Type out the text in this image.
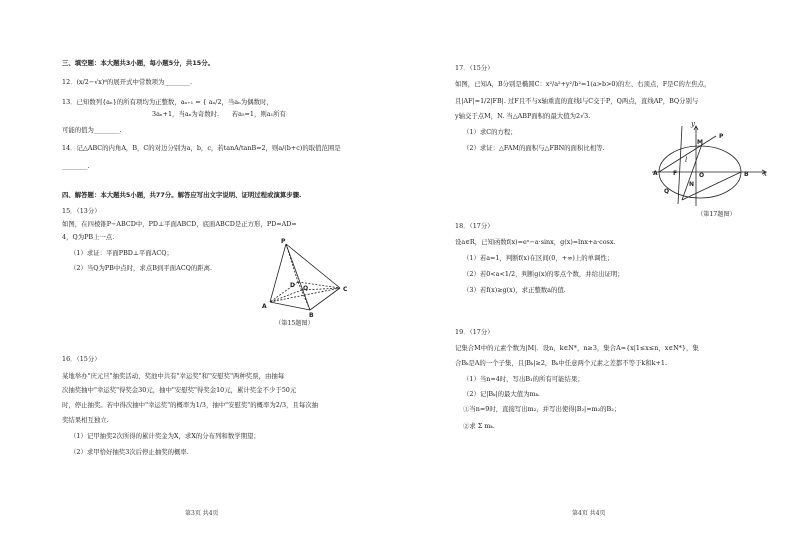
三、填空题：本大题共3小题，每小题5分，共15分。
12．(x/2−√x)⁶的展开式中常数项为________.
13．已知数列{aₙ}的所有项均为正整数，aₙ₊₁ = { aₙ/2，当aₙ为偶数时，
3aₙ+1，当aₙ为奇数时.　　若a₅=1，则a₁所有
可能的值为________.
14．记△ABC的内角A，B，C的对边分别为a，b，c，若tanA/tanB=2，则a/(b+c)的取值范围是
________.
四、解答题：本大题共5小题，共77分。解答应写出文字说明、证明过程或演算步骤.
15．（13分）
如图，在四棱锥P−ABCD中，PD⊥平面ABCD，底面ABCD是正方形，PD=AD=
4，Q为PB上一点.
（1）求证：平面PBD⊥平面ACQ；
（2）当Q为PB中点时，求点B到平面ACQ的距离.
P
D
C
A
B
Q
（第15题图）
16．（15分）
某地举办"庆元旦"抽奖活动，奖池中共有"幸运奖"和"安慰奖"两种奖票，由抽每
次抽奖抽中"幸运奖"得奖金30元，抽中"安慰奖"得奖金10元，累计奖金不少于50元
时，停止抽奖。若中得次抽中"幸运奖"的概率为1/3，抽中"安慰奖"的概率为2/3，且每次抽
奖结果相互独立.
（1）记甲抽奖2次所得的累计奖金为X，求X的分布列和数学期望；
（2）求甲恰好抽奖3次后停止抽奖的概率.
第3页 共4页
17．（15分）
如图，已知A，B分别是椭圆C：x²/a²+y²/b²=1(a>b>0)的左、右顶点，F是C的左焦点，
且|AF|=1/2|FB|. 过F且不与x轴重直的直线l与C交于P，Q两点，直线AP，BQ分别与
y轴交于点M，N. 当△ABP面积的最大值为2√3.
（1）求C的方程；
（2）求证：△FAM的面积与△FBN的面积比相等.
y
P
M
l
A	F	O	B x
N
Q
（第17题图）
18．（17分）
设a∈R，已知函数f(x)=eˣ−a·sinx，g(x)=lnx+a·cosx.
（1）若a=1，判断f(x)在区间(0，+∞)上的单调性；
（2）若0<a<1/2，判断g(x)的零点个数，并给出证明；
（3）若f(x)≥g(x)，求正整数a的值.
19．（17分）
记集合M中的元素个数为|M|．设n，k∈N*，n≥3，集合A={x|1≤x≤n，x∈N*}，集
合Bₖ是A的一个子集，且|Bₖ|≥2，Bₖ中任意两个元素之差都不等于k和k+1.
（1）当n=4时，写出B₁的所有可能结果；
（2）记|Bₖ|的最大值为mₖ.
①当n=9时，直接写出m₂，并写出使得|B₂|=m₂的B₂；
②求 Σ mₖ.
第4页 共4页
